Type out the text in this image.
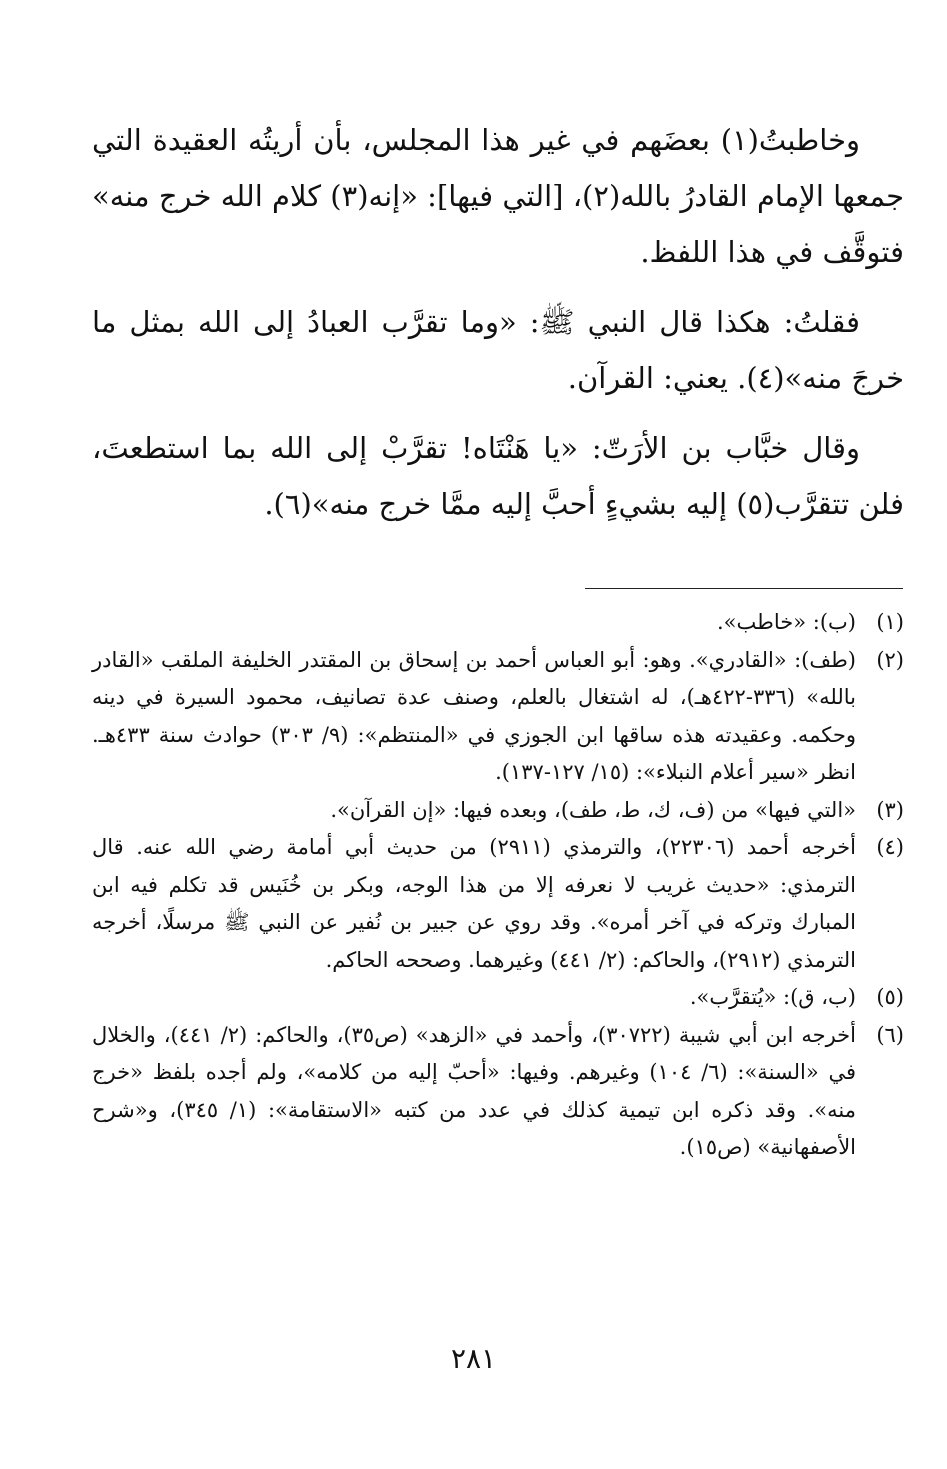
وخاطبتُ(١) بعضَهم في غير هذا المجلس، بأن أريتُه العقيدة التي جمعها الإمام القادرُ بالله(٢)، [التي فيها]: «إنه(٣) كلام الله خرج منه» فتوقَّف في هذا اللفظ.

فقلتُ: هكذا قال النبي ﷺ: «وما تقرَّب العبادُ إلى الله بمثل ما خرجَ منه»(٤). يعني: القرآن.

وقال خبَّاب بن الأرَتّ: «يا هَنْتَاه! تقرَّبْ إلى الله بما استطعتَ، فلن تتقرَّب(٥) إليه بشيءٍ أحبَّ إليه ممَّا خرج منه»(٦).

(١)
(ب): «خاطب».
(٢)
(طف): «القادري». وهو: أبو العباس أحمد بن إسحاق بن المقتدر الخليفة الملقب «القادر بالله» (٣٣٦-٤٢٢هـ)، له اشتغال بالعلم، وصنف عدة تصانيف، محمود السيرة في دينه وحكمه. وعقيدته هذه ساقها ابن الجوزي في «المنتظم»: (٩/ ٣٠٣) حوادث سنة ٤٣٣هـ. انظر «سير أعلام النبلاء»: (١٥/ ١٢٧-١٣٧).
(٣)
«التي فيها» من (ف، ك، ط، طف)، وبعده فيها: «إن القرآن».
(٤)
أخرجه أحمد (٢٢٣٠٦)، والترمذي (٢٩١١) من حديث أبي أمامة رضي الله عنه. قال الترمذي: «حديث غريب لا نعرفه إلا من هذا الوجه، وبكر بن خُنَيس قد تكلم فيه ابن المبارك وتركه في آخر أمره». وقد روي عن جبير بن نُفير عن النبي ﷺ مرسلًا، أخرجه الترمذي (٢٩١٢)، والحاكم: (٢/ ٤٤١) وغيرهما. وصححه الحاكم.
(٥)
(ب، ق): «يُتقرَّب».
(٦)
أخرجه ابن أبي شيبة (٣٠٧٢٢)، وأحمد في «الزهد» (ص٣٥)، والحاكم: (٢/ ٤٤١)، والخلال في «السنة»: (٦/ ١٠٤) وغيرهم. وفيها: «أحبّ إليه من كلامه»، ولم أجده بلفظ «خرج منه». وقد ذكره ابن تيمية كذلك في عدد من كتبه «الاستقامة»: (١/ ٣٤٥)، و«شرح الأصفهانية» (ص١٥).
٢٨١
